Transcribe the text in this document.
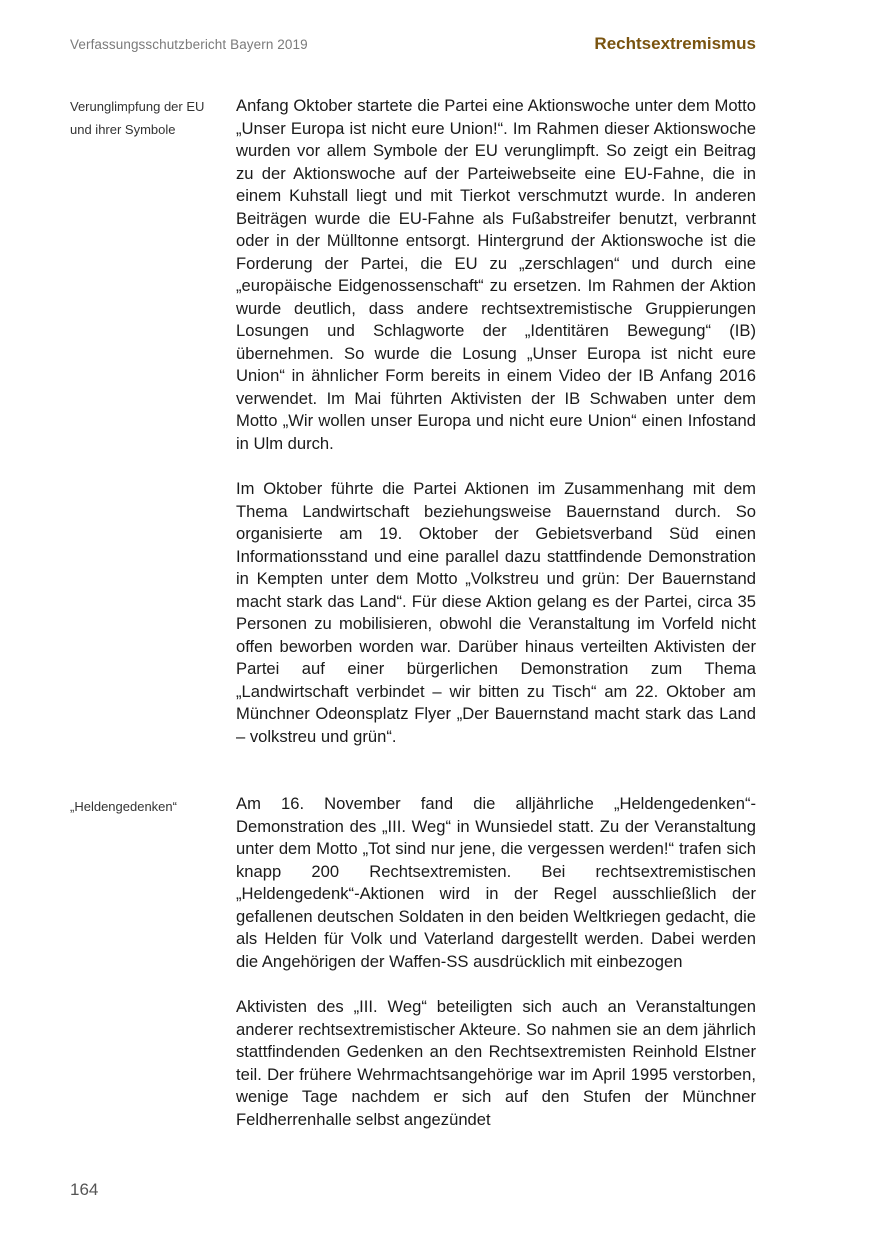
Verfassungsschutzbericht Bayern 2019	Rechtsextremismus
Verunglimpfung der EU und ihrer Symbole

Anfang Oktober startete die Partei eine Aktionswoche unter dem Motto „Unser Europa ist nicht eure Union!“. Im Rahmen dieser Aktionswoche wurden vor allem Symbole der EU verunglimpft. So zeigt ein Beitrag zu der Aktionswoche auf der Parteiwebseite eine EU-Fahne, die in einem Kuhstall liegt und mit Tierkot verschmutzt wurde. In anderen Beiträgen wurde die EU-Fahne als Fußabstreifer benutzt, verbrannt oder in der Mülltonne entsorgt. Hintergrund der Aktionswoche ist die Forderung der Partei, die EU zu „zerschlagen“ und durch eine „europäische Eidgenossenschaft“ zu ersetzen. Im Rahmen der Aktion wurde deutlich, dass andere rechtsextremistische Gruppierungen Losungen und Schlagworte der „Identitären Bewegung“ (IB) übernehmen. So wurde die Losung „Unser Europa ist nicht eure Union“ in ähnlicher Form bereits in einem Video der IB Anfang 2016 verwendet. Im Mai führten Aktivisten der IB Schwaben unter dem Motto „Wir wollen unser Europa und nicht eure Union“ einen Infostand in Ulm durch.

Im Oktober führte die Partei Aktionen im Zusammenhang mit dem Thema Landwirtschaft beziehungsweise Bauernstand durch. So organisierte am 19. Oktober der Gebietsverband Süd einen Informationsstand und eine parallel dazu stattfindende Demonstration in Kempten unter dem Motto „Volkstreu und grün: Der Bauernstand macht stark das Land“. Für diese Aktion gelang es der Partei, circa 35 Personen zu mobilisieren, obwohl die Veranstaltung im Vorfeld nicht offen beworben worden war. Darüber hinaus verteilten Aktivisten der Partei auf einer bürgerlichen Demonstration zum Thema „Landwirtschaft verbindet – wir bitten zu Tisch“ am 22. Oktober am Münchner Odeonsplatz Flyer „Der Bauernstand macht stark das Land – volkstreu und grün“.

„Heldengedenken“	Am 16. November fand die alljährliche „Heldengedenken“-Demonstration des „III. Weg“ in Wunsiedel statt. Zu der Veranstaltung unter dem Motto „Tot sind nur jene, die vergessen werden!“ trafen sich knapp 200 Rechtsextremisten. Bei rechtsextremistischen „Heldengedenk“-Aktionen wird in der Regel ausschließlich der gefallenen deutschen Soldaten in den beiden Weltkriegen gedacht, die als Helden für Volk und Vaterland dargestellt werden. Dabei werden die Angehörigen der Waffen-SS ausdrücklich mit einbezogen

Aktivisten des „III. Weg“ beteiligten sich auch an Veranstaltungen anderer rechtsextremistischer Akteure. So nahmen sie an dem jährlich stattfindenden Gedenken an den Rechtsextremisten Reinhold Elstner teil. Der frühere Wehrmachtsangehörige war im April 1995 verstorben, wenige Tage nachdem er sich auf den Stufen der Münchner Feldherrenhalle selbst angezündet

164
